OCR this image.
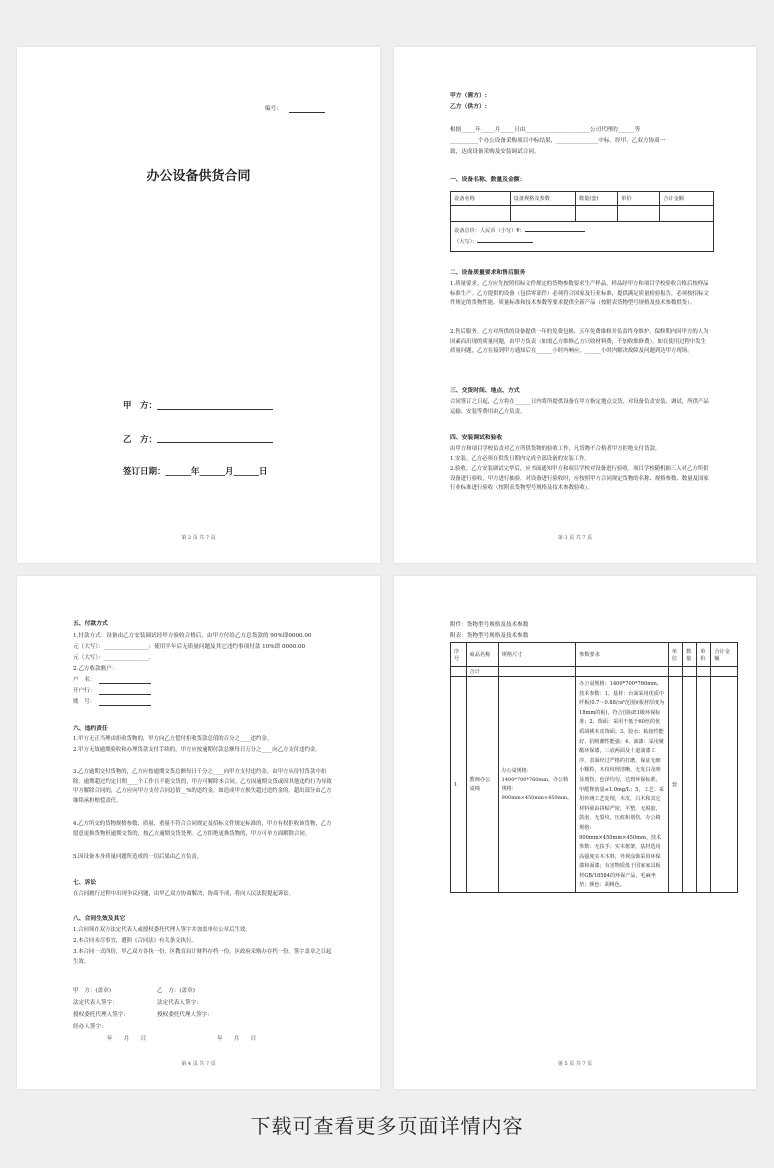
编号：
办公设备供货合同
甲　方：
乙　方：
签订日期：______年______月______日
第 2 页 共 7 页
甲方（需方）:
乙方（供方）:
根据_____年_____月_____日由_______________________公司代理的______等
__________个办公设备采购项目中标结果，_______________中标。经甲、乙双方协商一
致，达成设备采购及安装调试合同。
一、设备名称、数量及金额：
设备名称	设备规格及参数	数量(套)	单价	合计金额

设备总价：人民币（小写）¥：
（大写）：				
二、设备质量要求和售后服务
1.质量要求。乙方应先按照招标文件规定的货物参数要求生产样品，样品经甲方和项目学校验收合格后按样品标准生产。乙方提供的设备（包括零部件）必须符合国家及行业标准，提供满足质量检验报告，必须按招标文件规定的货物性能、质量标准和技术参数等要求提供全新产品（按附表货物型号规格及技术参数供货）。
2.售后服务。乙方对所供的设备提供一年的免费包换、五年免费维修并负责终身维护。保修期内因甲方的人为因素而出现的质量问题，由甲方负责（如需乙方维修乙方只收材料费，不加收维修费）。如在使用过程中发生质量问题，乙方在接到甲方通知后在______小时内响应，______小时内解决故障及问题到达甲方现场。
三、交货时间、地点、方式
合同签订之日起，乙方将在______日内将所提供设备在甲方指定地点交货，对设备负责安装、调试，所供产品运输、安装等费用由乙方负责。
四、安装调试和验收
由甲方和项目学校负责对乙方所供货物的验收工作，凡货物不合格者甲方拒绝支付货款。
1.安装。乙方必须在供货日期内完成全部设备的安装工作。
2.验收。乙方安装调试完毕后，应书面通知甲方和项目学校对设备进行验收。项目学校随机抽三人对乙方所供设备进行验收，甲方进行抽验。对设备进行验收时，应按照甲方合同规定货物的名称、规格参数、数量及国家行业标准进行验收（按附表货物型号规格及技术参数验收）。
第 3 页 共 7 页
五、付款方式
1.付款方式：设备由乙方安装调试经甲方验收合格后，由甲方付给乙方总货款的 90%即0000.00
元（大写）：________________；使用半年后无质量问题及其它违约事项付款 10%即 0000.00
元（大写）：________________。
2.乙方收款账户：
户　名：
开户行：
账　号：
六、违约责任
1.甲方无正当理由拒收货物的，甲方向乙方偿付拒收货款总值的百分之____违约金。
2.甲方无故逾期验收和办理货款支付手续的，甲方应按逾期付款总额每日万分之____向乙方支付违约金。
3.乙方逾期交付货物的，乙方应按逾期交货总额每日千分之____向甲方支付违约金，由甲方从待付货款中扣除。逾期超过约定日期____个工作日不能交货的，甲方可解除本合同。乙方因逾期交货或因其他违约行为导致甲方解除合同的，乙方应向甲方支付合同总值__%的违约金，如造成甲方损失超过违约金的，超出部分由乙方继续承担赔偿责任。
4.乙方所交的货物规格参数、质量、重量不符合合同规定及招标文件规定标准的，甲方有权拒收该货物，乙方愿意更换货物但逾期交货的，按乙方逾期交货处理。乙方拒绝更换货物的，甲方可单方面解除合同。
5.因设备本身质量问题所造成的一切后果由乙方负责。
七、诉讼
在合同履行过程中出现争议问题，由甲乙双方协商解决，协商不成，将向人民法院提起诉讼。
八、合同生效及其它
1.合同须在双方法定代表人或授权委托代理人签字并加盖单位公章后生效。
2.本合同未尽事宜，遵照《合同法》有关条文执行。
3.本合同一式四份，甲乙双方各执一份，区教育局计财科存档一份，区政府采购办存档一份。签字盖章之日起生效。
甲　方：(盖章)	乙　方：(盖章)
法定代表人签字：	法定代表人签字：
授权委托代理人签字：	授权委托代理人签字：
经办人签字：
年　　月　　日	年　　月　　日
第 4 页 共 7 页
附件：货物型号规格及技术参数
附表：货物型号规格及技术参数
序号	商品名称	规格尺寸	参数要求	单位	数量	单价	合计金额
	合计						
1	教师办公桌椅	办公桌规格：1400*700*760mm、办公椅规格：900mm×450mm×450mm。	办公桌规格：1400*700*760mm。技术参数：1、基材：台面采用优质中纤板(0.7～0.88/㎝³范围)(板材厚度为18mm的板)，符合国标E1级环保标准；2、饰面：采用不低于60丝的优质胡桃木皮饰面；3、胶水：粘接性能好、抗吸潮性能强；4、油漆：采用聚酯环保漆，三底两面及十道油漆工序，表面经过严格的打磨，保证无细小颗粒，木纹纹理清晰，无发白及明显划伤，色泽均匀，达到环保标准，甲醛释放量≤1.0mg/L；5、工艺：采用传统工艺处理，木皮、白木和其它材料须由拼贴严密，平整，无脱胶，鼓泡，无裂纹，压痕和划伤。办公椅规格：900mm×450mm×450mm。技术参数：无扶手；实木框架，基材选用高强度实木木料，外观涂饰采用环保漆和面漆；有害物质低于国家家具板材GB/18584的环保产品，毛麻坐垫；颜色：胡桃色。	套			
第 5 页 共 7 页
下载可查看更多页面详情内容
